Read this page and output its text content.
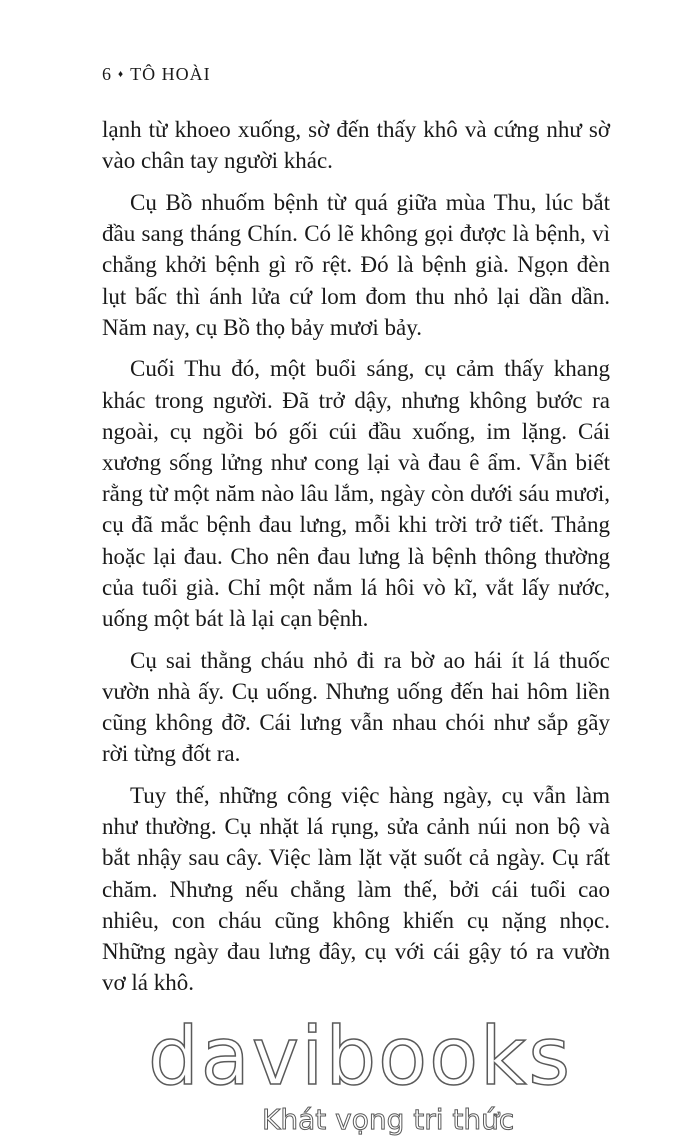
6 ♦ TÔ HOÀI

lạnh từ khoeo xuống, sờ đến thấy khô và cứng như sờ vào chân tay người khác.

Cụ Bồ nhuốm bệnh từ quá giữa mùa Thu, lúc bắt đầu sang tháng Chín. Có lẽ không gọi được là bệnh, vì chẳng khởi bệnh gì rõ rệt. Đó là bệnh già. Ngọn đèn lụt bấc thì ánh lửa cứ lom đom thu nhỏ lại dần dần. Năm nay, cụ Bồ thọ bảy mươi bảy.

Cuối Thu đó, một buổi sáng, cụ cảm thấy khang khác trong người. Đã trở dậy, nhưng không bước ra ngoài, cụ ngồi bó gối cúi đầu xuống, im lặng. Cái xương sống lửng như cong lại và đau ê ẩm. Vẫn biết rằng từ một năm nào lâu lắm, ngày còn dưới sáu mươi, cụ đã mắc bệnh đau lưng, mỗi khi trời trở tiết. Thảng hoặc lại đau. Cho nên đau lưng là bệnh thông thường của tuổi già. Chỉ một nắm lá hôi vò kĩ, vắt lấy nước, uống một bát là lại cạn bệnh.

Cụ sai thằng cháu nhỏ đi ra bờ ao hái ít lá thuốc vườn nhà ấy. Cụ uống. Nhưng uống đến hai hôm liền cũng không đỡ. Cái lưng vẫn nhau chói như sắp gãy rời từng đốt ra.

Tuy thế, những công việc hàng ngày, cụ vẫn làm như thường. Cụ nhặt lá rụng, sửa cảnh núi non bộ và bắt nhậy sau cây. Việc làm lặt vặt suốt cả ngày. Cụ rất chăm. Nhưng nếu chẳng làm thế, bởi cái tuổi cao nhiêu, con cháu cũng không khiến cụ nặng nhọc. Những ngày đau lưng đây, cụ với cái gậy tó ra vườn vơ lá khô.

davibooks
Khát vọng tri thức
